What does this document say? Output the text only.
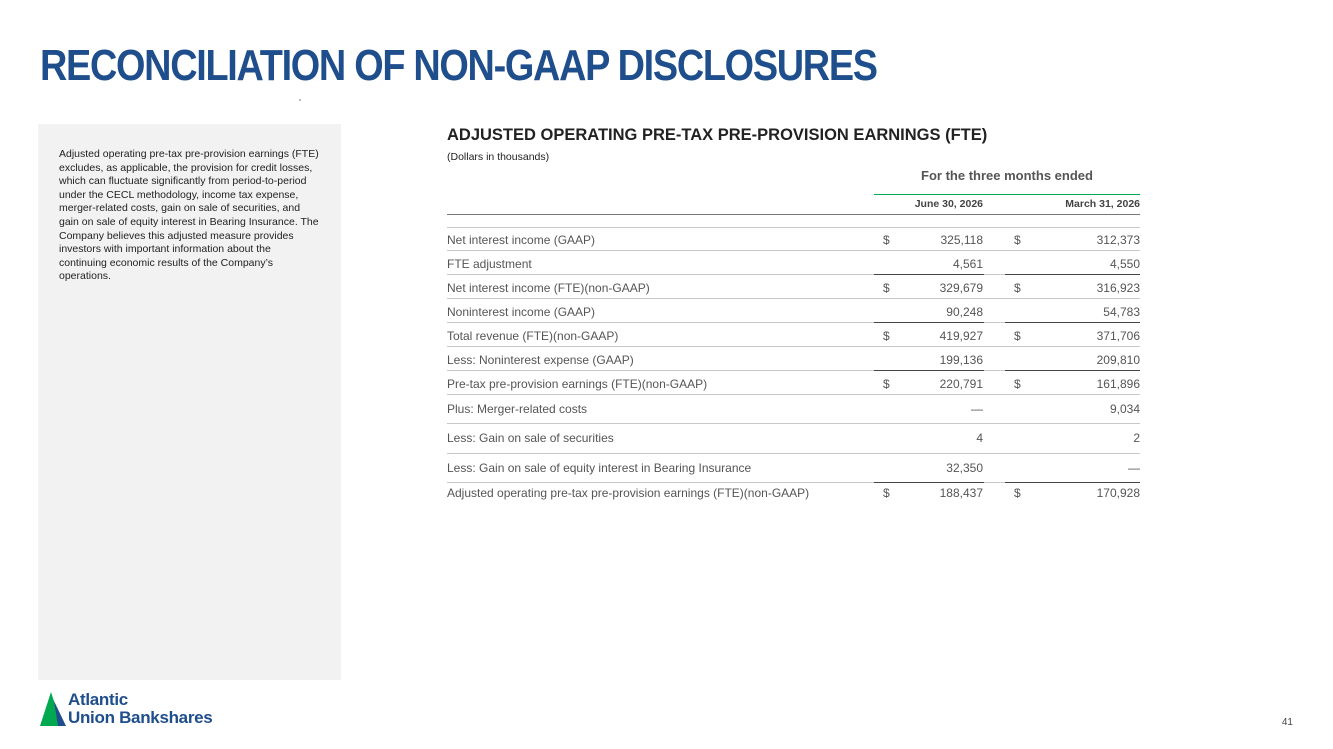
RECONCILIATION OF NON-GAAP DISCLOSURES

Adjusted operating pre-tax pre-provision earnings (FTE) excludes, as applicable, the provision for credit losses, which can fluctuate significantly from period-to-period under the CECL methodology, income tax expense, merger-related costs, gain on sale of securities, and gain on sale of equity interest in Bearing Insurance. The Company believes this adjusted measure provides investors with important information about the continuing economic results of the Company’s operations.

ADJUSTED OPERATING PRE-TAX PRE-PROVISION EARNINGS (FTE)
(Dollars in thousands)
For the three months ended
June 30, 2026	March 31, 2026
Net interest income (GAAP)	$	325,118	$	312,373
FTE adjustment	4,561	4,550
Net interest income (FTE)(non-GAAP)	$	329,679	$	316,923
Noninterest income (GAAP)	90,248	54,783
Total revenue (FTE)(non-GAAP)	$	419,927	$	371,706
Less: Noninterest expense (GAAP)	199,136	209,810
Pre-tax pre-provision earnings (FTE)(non-GAAP)	$	220,791	$	161,896
Plus: Merger-related costs	—	9,034
Less: Gain on sale of securities	4	2
Less: Gain on sale of equity interest in Bearing Insurance	32,350	—
Adjusted operating pre-tax pre-provision earnings (FTE)(non-GAAP)	$	188,437	$	170,928
Atlantic
Union Bankshares	41
